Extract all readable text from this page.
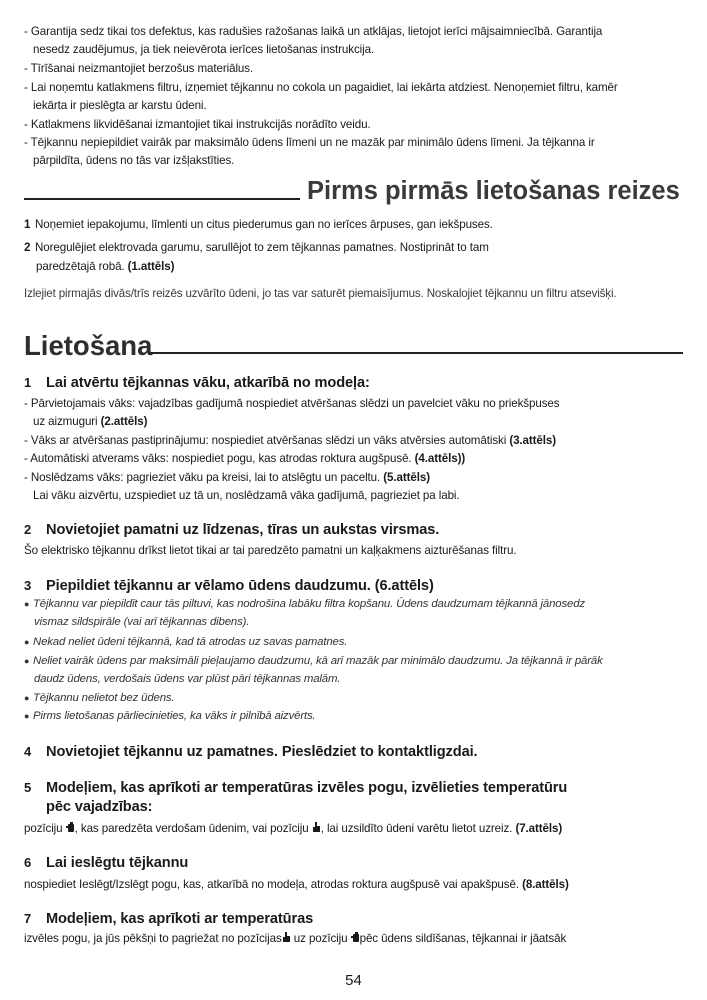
- Garantija sedz tikai tos defektus, kas radušies ražošanas laikā un atklājas, lietojot ierīci mājsaimniecībā. Garantija
nesedz zaudējumus, ja tiek neievērota ierīces lietošanas instrukcija.
- Tīrīšanai neizmantojiet berzošus materiālus.
- Lai noņemtu katlakmens filtru, izņemiet tējkannu no cokola un pagaidiet, lai iekārta atdziest. Nenoņemiet filtru, kamēr
iekārta ir pieslēgta ar karstu ūdeni.
- Katlakmens likvidēšanai izmantojiet tikai instrukcijās norādīto veidu.
- Tējkannu nepiepildiet vairāk par maksimālo ūdens līmeni un ne mazāk par minimālo ūdens līmeni. Ja tējkanna ir
pārpildīta, ūdens no tās var izšļakstīties.
Pirms pirmās lietošanas reizes
1 Noņemiet iepakojumu, līmlenti un citus piederumus gan no ierīces ārpuses, gan iekšpuses.
2 Noregulējiet elektrovada garumu, sarullējot to zem tējkannas pamatnes. Nostiprināt to tam
paredzētajā robā. (1.attēls)
Izlejiet pirmajās divās/trīs reizēs uzvārīto ūdeni, jo tas var saturēt piemaisījumus. Noskalojiet tējkannu un filtru atsevišķi.
Lietošana
1 Lai atvērtu tējkannas vāku, atkarībā no modeļa:
- Pārvietojamais vāks: vajadzības gadījumā nospiediet atvēršanas slēdzi un pavelciet vāku no priekšpuses
uz aizmuguri (2.attēls)
- Vāks ar atvēršanas pastiprinājumu: nospiediet atvēršanas slēdzi un vāks atvērsies automātiski (3.attēls)
- Automātiski atverams vāks: nospiediet pogu, kas atrodas roktura augšpusē. (4.attēls))
- Noslēdzams vāks: pagrieziet vāku pa kreisi, lai to atslēgtu un paceltu. (5.attēls)
Lai vāku aizvērtu, uzspiediet uz tā un, noslēdzamā vāka gadījumā, pagrieziet pa labi.
2 Novietojiet pamatni uz līdzenas, tīras un aukstas virsmas.
Šo elektrisko tējkannu drīkst lietot tikai ar tai paredzēto pamatni un kaļķakmens aizturēšanas filtru.
3 Piepildiet tējkannu ar vēlamo ūdens daudzumu. (6.attēls)
● Tējkannu var piepildīt caur tās piltuvi, kas nodrošina labāku filtra kopšanu. Ūdens daudzumam tējkannā jānosedz
vismaz sildspirāle (vai arī tējkannas dibens).
● Nekad neliet ūdeni tējkannā, kad tā atrodas uz savas pamatnes.
● Neliet vairāk ūdens par maksimāli pieļaujamo daudzumu, kā arī mazāk par minimālo daudzumu. Ja tējkannā ir pārāk
daudz ūdens, verdošais ūdens var plūst pāri tējkannas malām.
● Tējkannu nelietot bez ūdens.
● Pirms lietošanas pārliecinieties, ka vāks ir pilnībā aizvērts.
4 Novietojiet tējkannu uz pamatnes. Pieslēdziet to kontaktligzdai.
5 Modeļiem, kas aprīkoti ar temperatūras izvēles pogu, izvēlieties temperatūru
pēc vajadzības:
pozīciju , kas paredzēta verdošam ūdenim, vai pozīciju , lai uzsildīto ūdeni varētu lietot uzreiz. (7.attēls)
6 Lai ieslēgtu tējkannu
nospiediet Ieslēgt/Izslēgt pogu, kas, atkarībā no modeļa, atrodas roktura augšpusē vai apakšpusē. (8.attēls)
7 Modeļiem, kas aprīkoti ar temperatūras
izvēles pogu, ja jūs pēkšņi to pagriežat no pozīcijas uz pozīciju pēc ūdens sildīšanas, tējkannai ir jāatsāk
54
